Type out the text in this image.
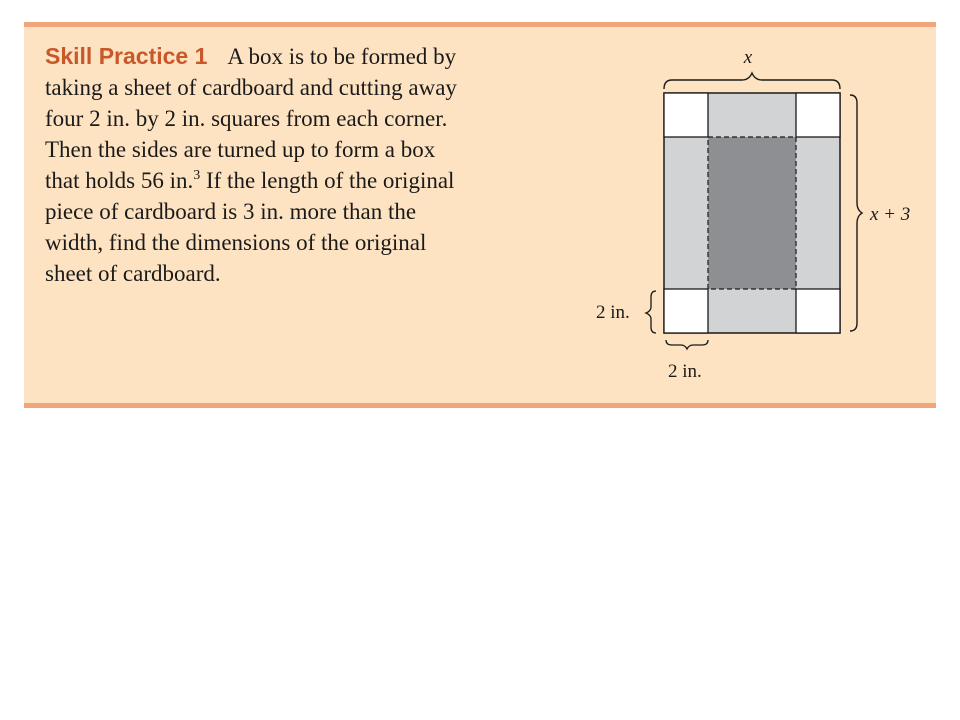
Skill Practice 1 A box is to be formed by
taking a sheet of cardboard and cutting away
four 2 in. by 2 in. squares from each corner.
Then the sides are turned up to form a box
that holds 56 in.$^3$ If the length of the original
piece of cardboard is 3 in. more than the
width, find the dimensions of the original
sheet of cardboard.

x
x + 3
2 in.
2 in.
